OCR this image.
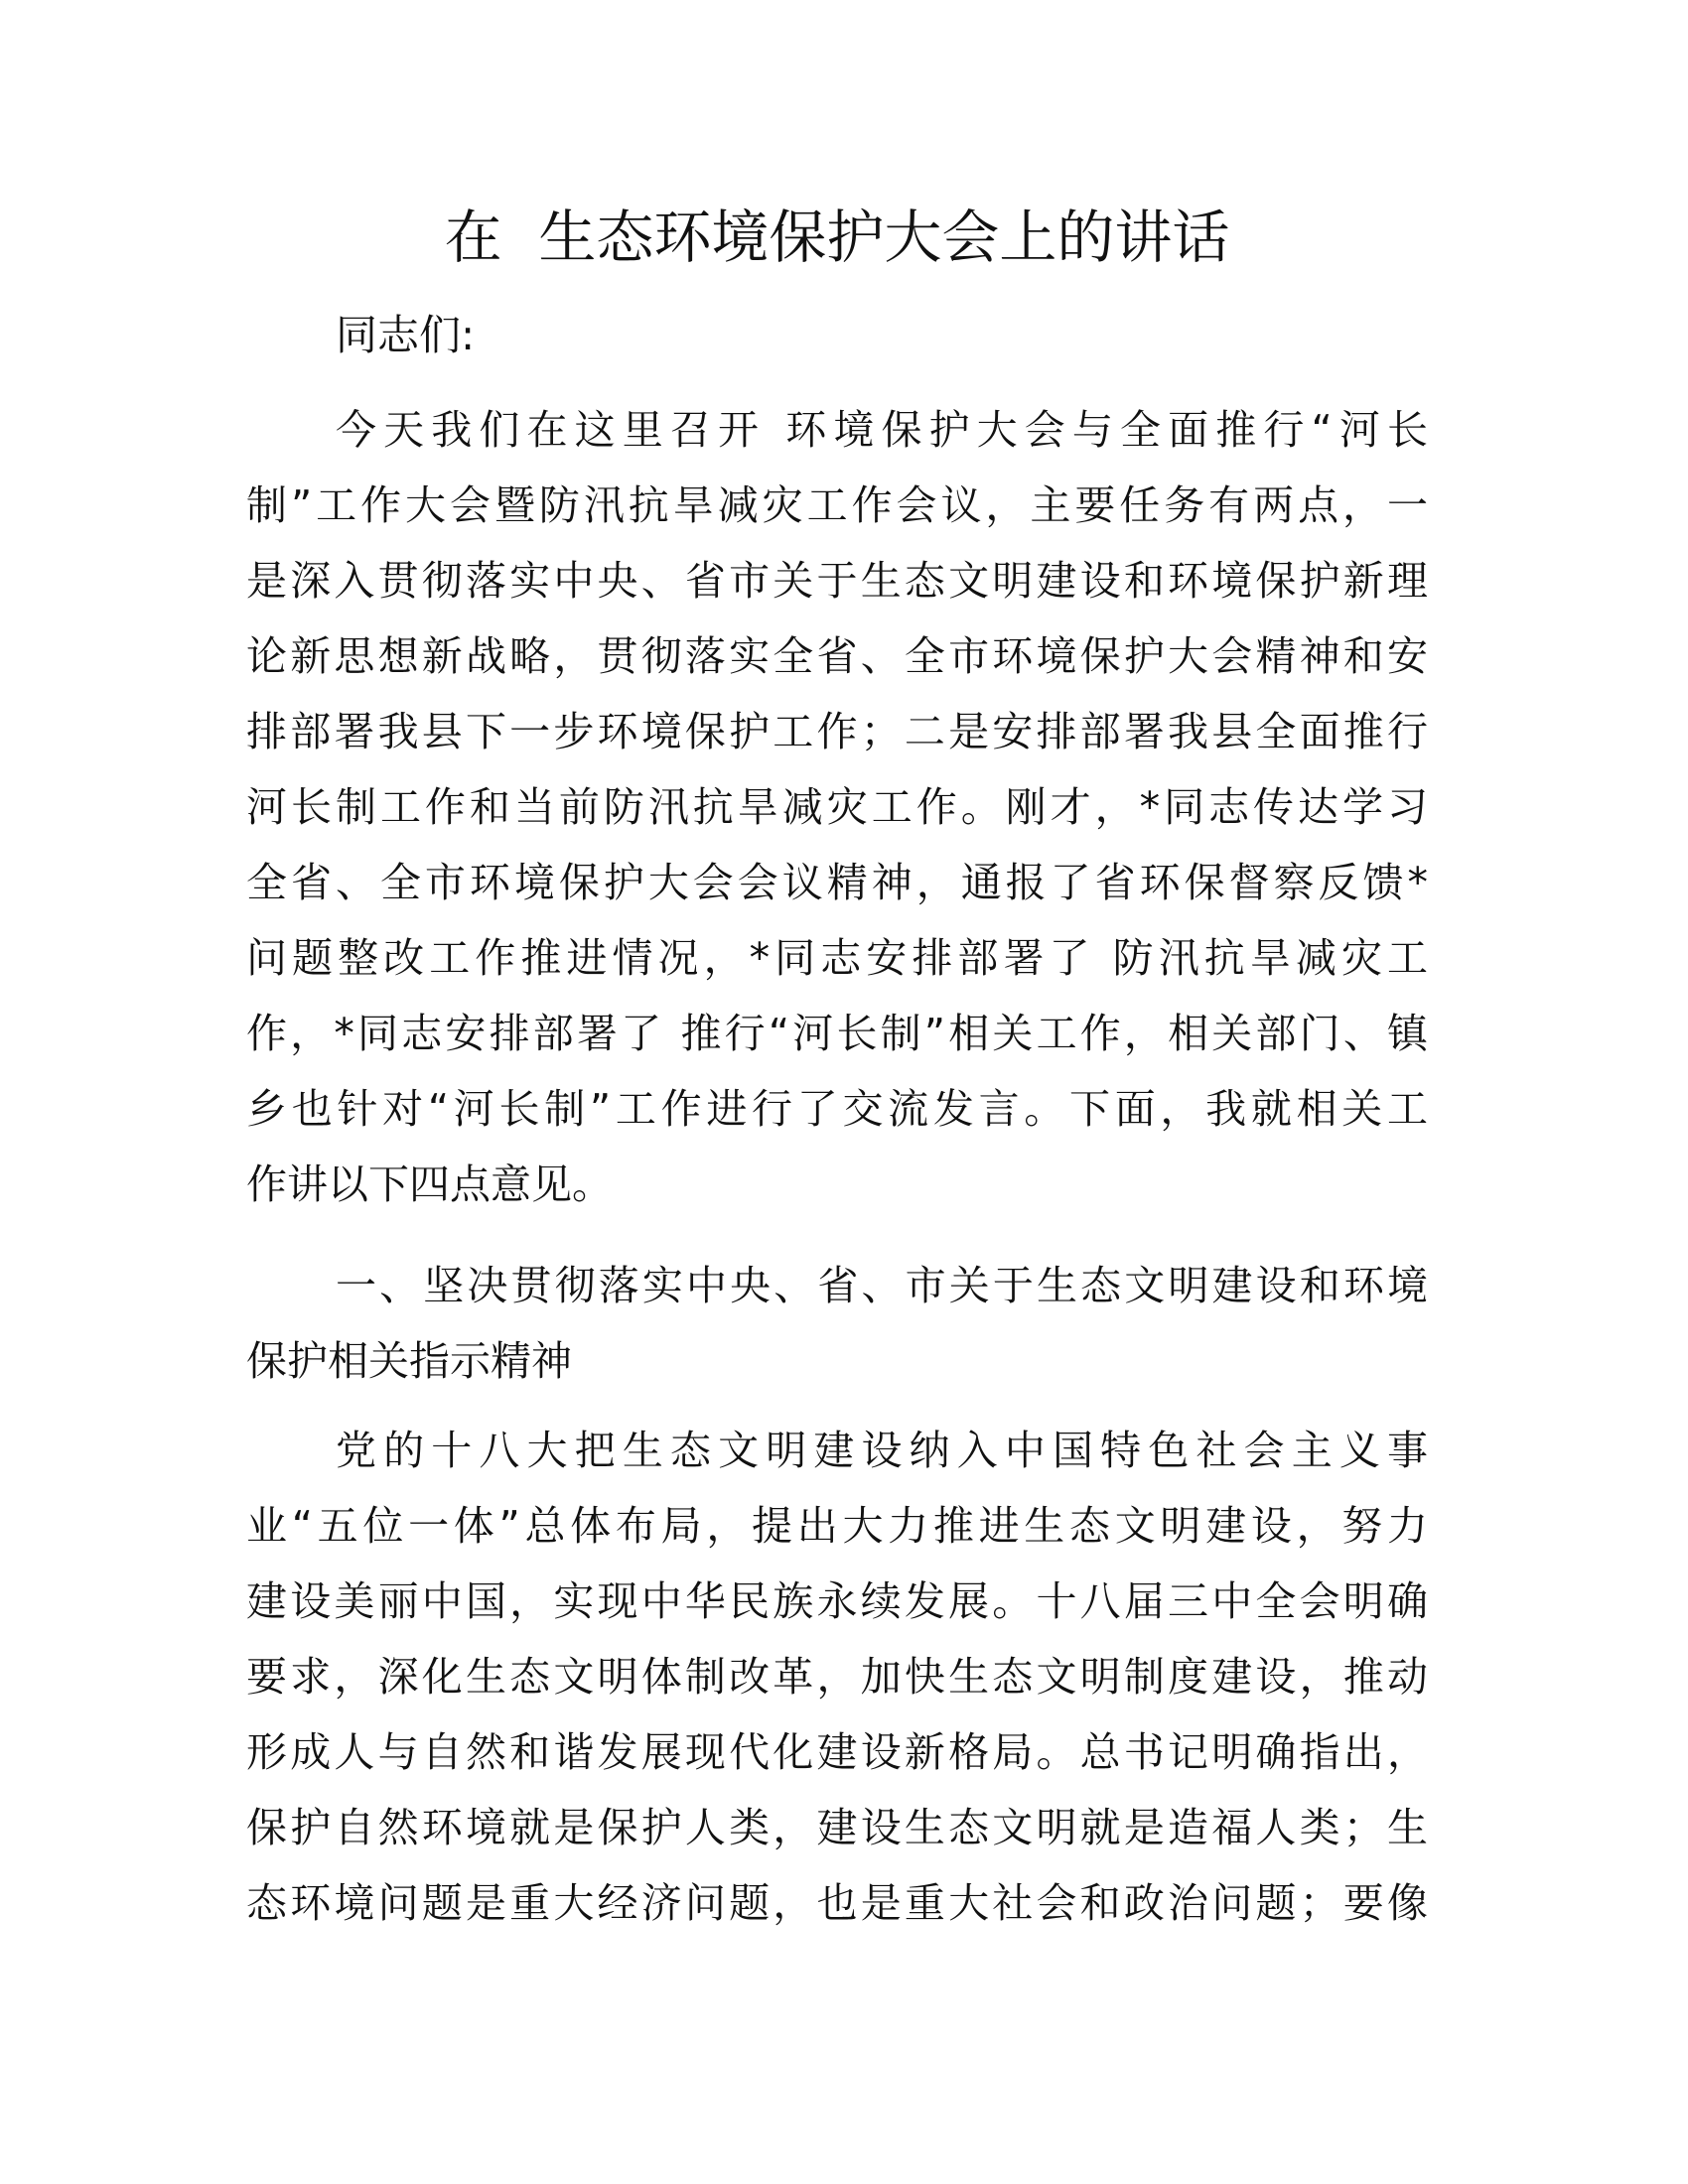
在  生态环境保护大会上的讲话
同志们:
今天我们在这里召开 环境保护大会与全面推行“河长
制”工作大会暨防汛抗旱减灾工作会议，主要任务有两点，一
是深入贯彻落实中央、省市关于生态文明建设和环境保护新理
论新思想新战略，贯彻落实全省、全市环境保护大会精神和安
排部署我县下一步环境保护工作；二是安排部署我县全面推行
河长制工作和当前防汛抗旱减灾工作。刚才，*同志传达学习
全省、全市环境保护大会会议精神，通报了省环保督察反馈*
问题整改工作推进情况，*同志安排部署了 防汛抗旱减灾工
作，*同志安排部署了 推行“河长制”相关工作，相关部门、镇
乡也针对“河长制”工作进行了交流发言。下面，我就相关工
作讲以下四点意见。
一、坚决贯彻落实中央、省、市关于生态文明建设和环境
保护相关指示精神
党的十八大把生态文明建设纳入中国特色社会主义事
业“五位一体”总体布局，提出大力推进生态文明建设，努力
建设美丽中国，实现中华民族永续发展。十八届三中全会明确
要求，深化生态文明体制改革，加快生态文明制度建设，推动
形成人与自然和谐发展现代化建设新格局。总书记明确指出，
保护自然环境就是保护人类，建设生态文明就是造福人类；生
态环境问题是重大经济问题，也是重大社会和政治问题；要像
